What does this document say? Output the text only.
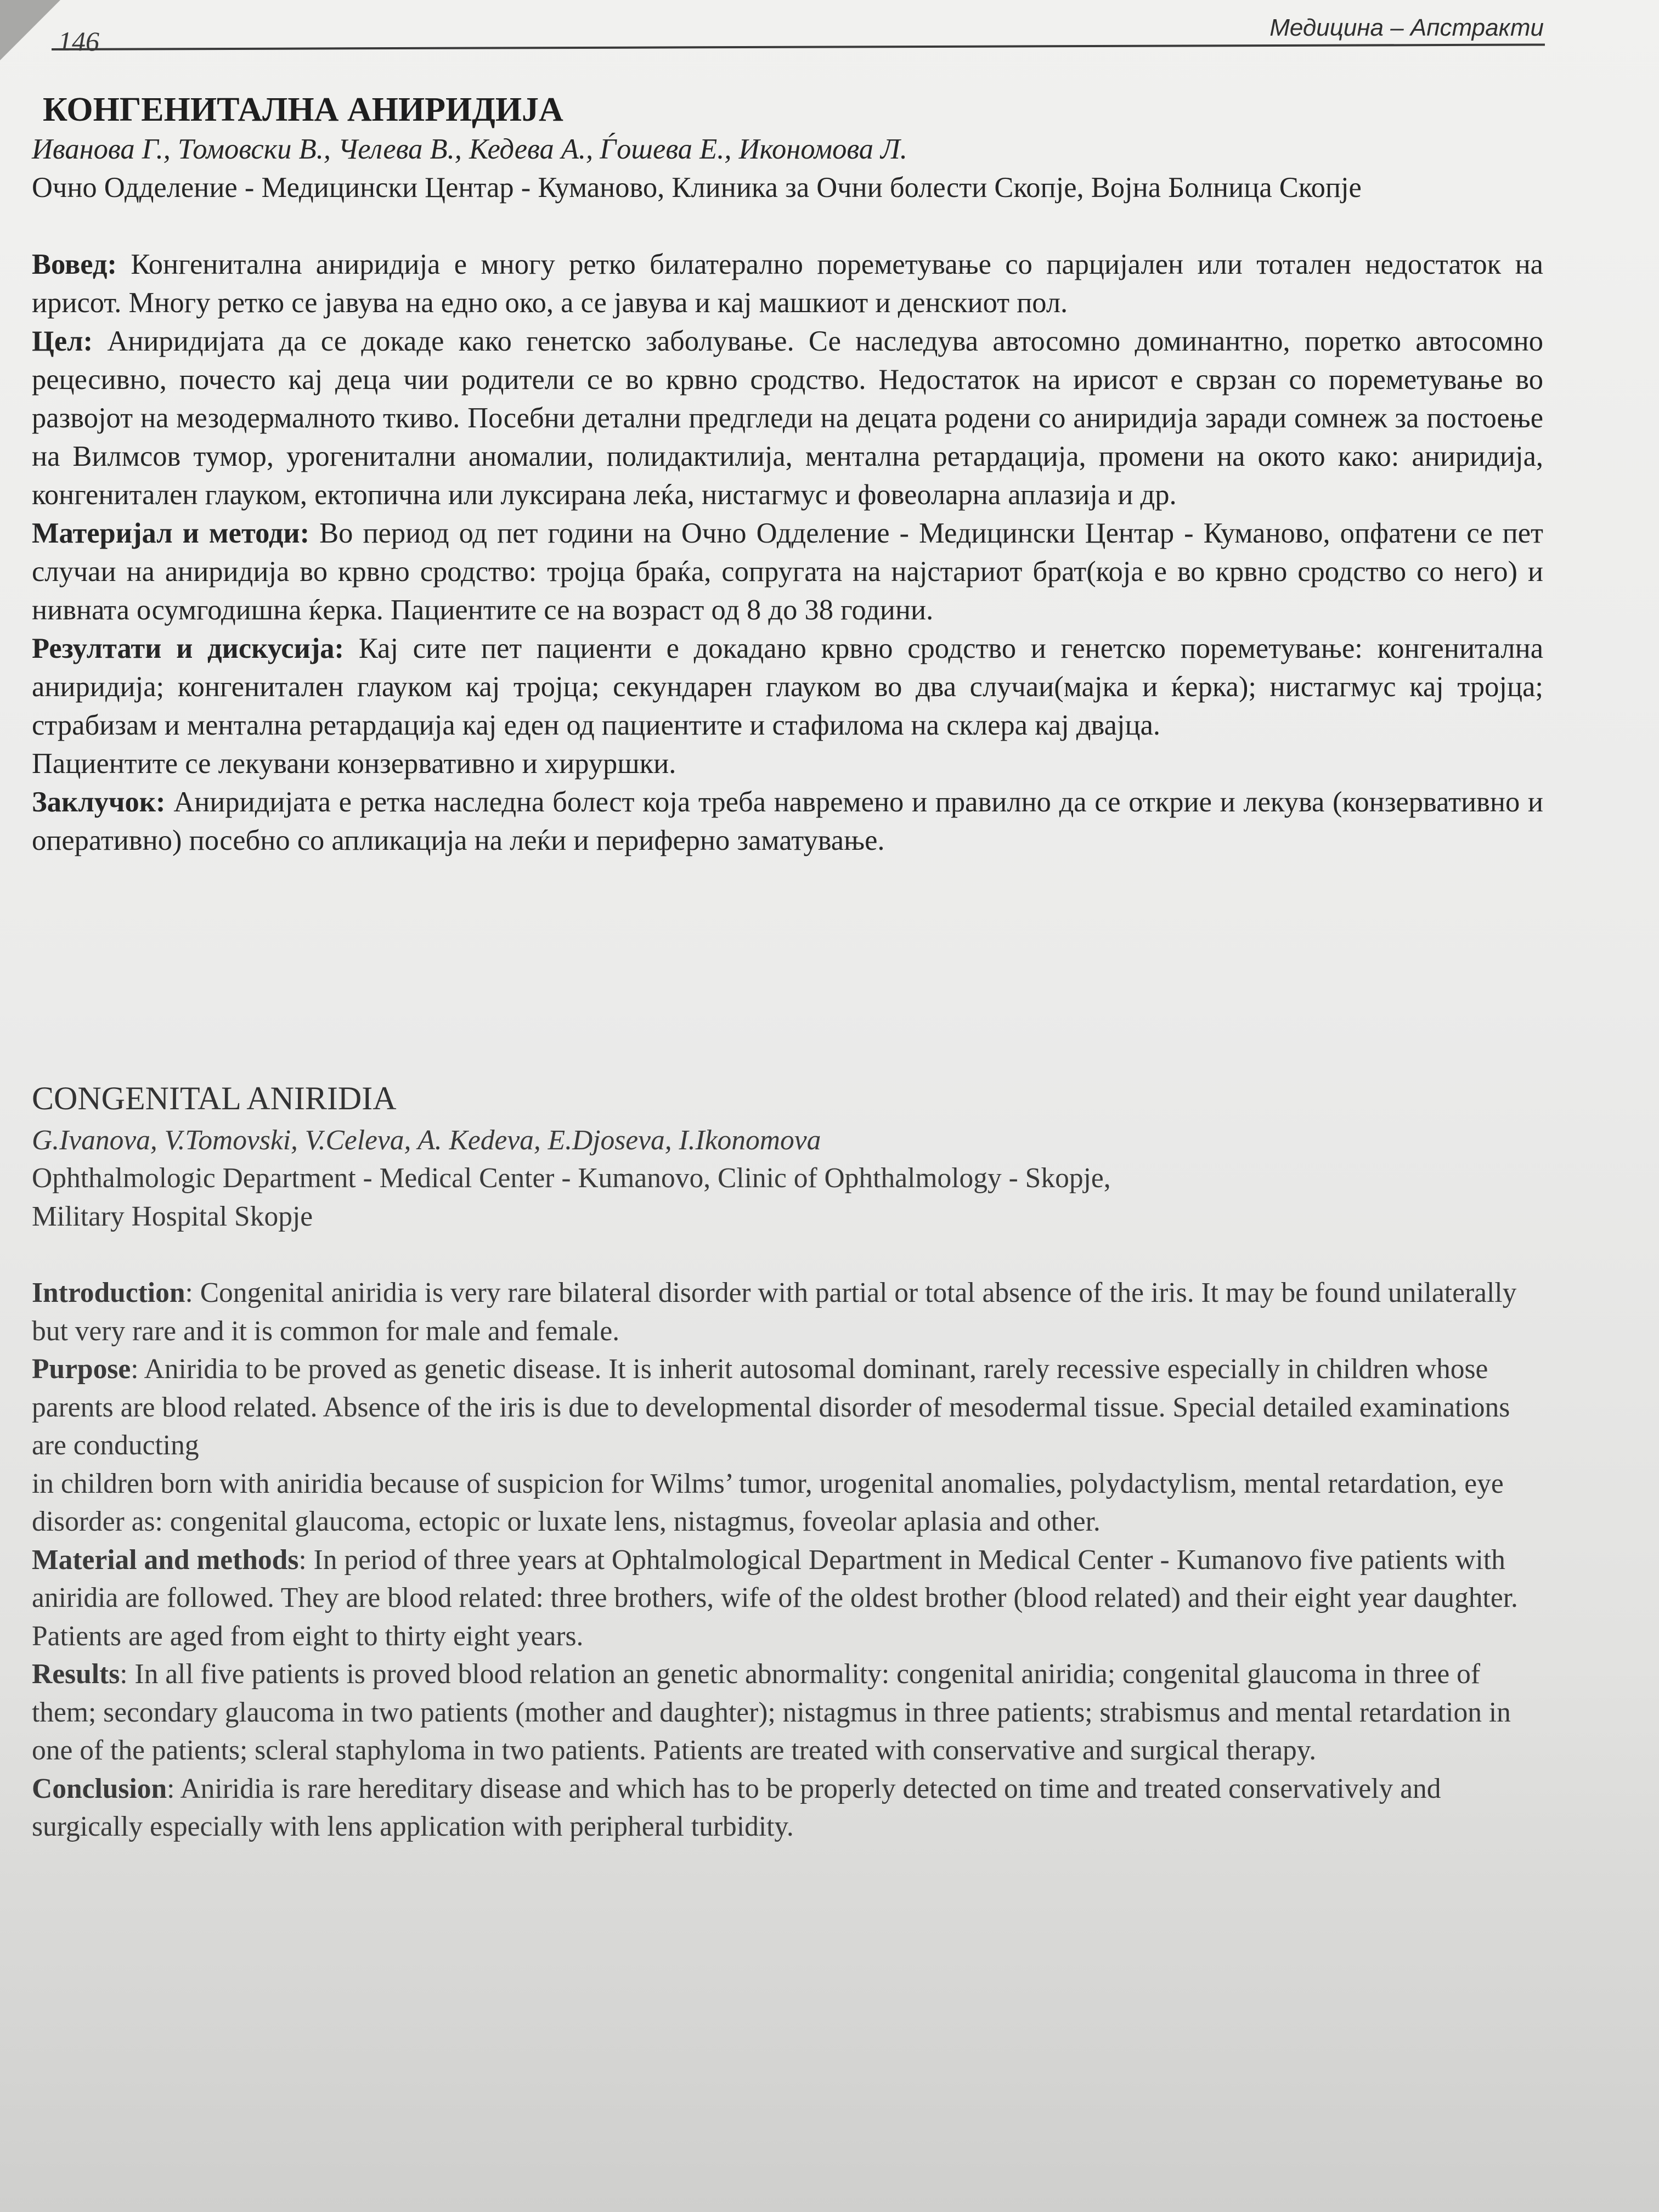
146	Медицина – Апстракти
КОНГЕНИТАЛНА АНИРИДИЈА

Иванова Г., Томовски В., Челева В., Кедева А., Ѓошева Е., Икономова Л.

Очно Одделение - Медицински Центар - Куманово, Клиника за Очни болести Скопје, Војна Болница Скопје

Вовед: Конгенитална аниридија е многу ретко билатерално пореметување со парцијален или тотален недостаток на ирисот. Многу ретко се јавува на едно око, а се јавува и кај машкиот и денскиот пол.

Цел: Аниридијата да се докаде како генетско заболување. Се наследува автосомно доминантно, поретко автосомно рецесивно, почесто кај деца чии родители се во крвно сродство. Недостаток на ирисот е сврзан со пореметување во развојот на мезодермалното ткиво. Посебни детални предгледи на децата родени со аниридија заради сомнеж за постоење на Вилмсов тумор, урогенитални аномалии, полидактилија, ментална ретардација, промени на окото како: аниридија, конгенитален глауком, ектопична или луксирана леќа, нистагмус и фовеоларна аплазија и др.

Материјал и методи: Во период од пет години на Очно Одделение - Медицински Центар - Куманово, опфатени се пет случаи на аниридија во крвно сродство: тројца браќа, сопругата на најстариот брат(која е во крвно сродство со него) и нивната осумгодишна ќерка. Пациентите се на возраст од 8 до 38 години.

Резултати и дискусија: Кај сите пет пациенти е докадано крвно сродство и генетско пореметување: конгенитална аниридија; конгенитален глауком кај тројца; секундарен глауком во два случаи(мајка и ќерка); нистагмус кај тројца; страбизам и ментална ретардација кај еден од пациентите и стафилома на склера кај двајца.

Пациентите се лекувани конзервативно и хируршки.

Заклучок: Аниридијата е ретка наследна болест која треба навремено и правилно да се открие и лекува (конзервативно и оперативно) посебно со апликација на леќи и периферно заматување.

CONGENITAL ANIRIDIA

G.Ivanova, V.Tomovski, V.Celeva, A. Kedeva, E.Djoseva, I.Ikonomova

Ophthalmologic Department - Medical Center - Kumanovo, Clinic of Ophthalmology - Skopje,

Military Hospital Skopje

Introduction: Congenital aniridia is very rare bilateral disorder with partial or total absence of the iris. It may be found unilaterally but very rare and it is common for male and female.

Purpose: Aniridia to be proved as genetic disease. It is inherit autosomal dominant, rarely recessive especially in children whose parents are blood related. Absence of the iris is due to developmental disorder of mesodermal tissue. Special detailed examinations are conducting

in children born with aniridia because of suspicion for Wilms’ tumor, urogenital anomalies, polydactylism, mental retardation, eye disorder as: congenital glaucoma, ectopic or luxate lens, nistagmus, foveolar aplasia and other.

Material and methods: In period of three years at Ophtalmological Department in Medical Center - Kumanovo five patients with aniridia are followed. They are blood related: three brothers, wife of the oldest brother (blood related) and their eight year daughter. Patients are aged from eight to thirty eight years.

Results: In all five patients is proved blood relation an genetic abnormality: congenital aniridia; congenital glaucoma in three of them; secondary glaucoma in two patients (mother and daughter); nistagmus in three patients; strabismus and mental retardation in one of the patients; scleral staphyloma in two patients. Patients are treated with conservative and surgical therapy.

Conclusion: Aniridia is rare hereditary disease and which has to be properly detected on time and treated conservatively and surgically especially with lens application with peripheral turbidity.
